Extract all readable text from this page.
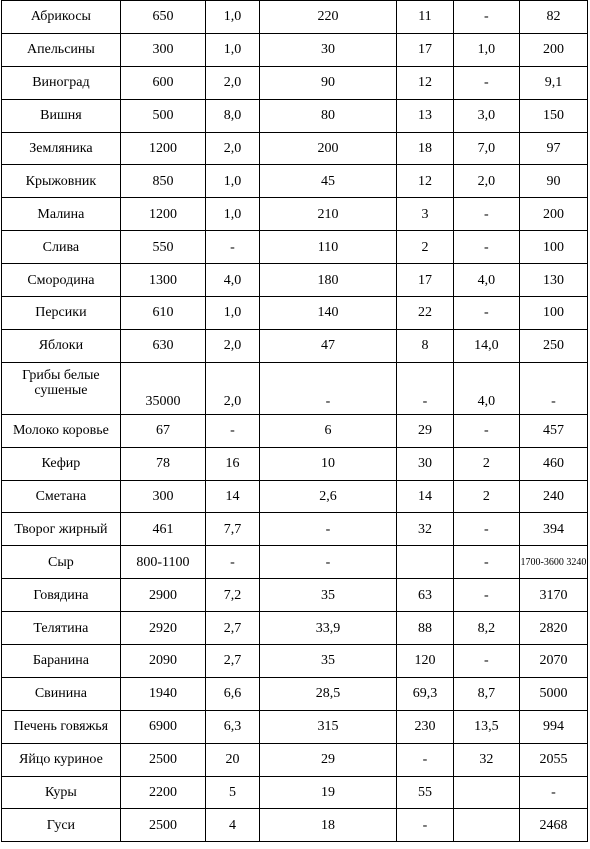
Абрикосы	650	1,0	220	11	-	82
Апельсины	300	1,0	30	17	1,0	200
Виноград	600	2,0	90	12	-	9,1
Вишня	500	8,0	80	13	3,0	150
Земляника	1200	2,0	200	18	7,0	97
Крыжовник	850	1,0	45	12	2,0	90
Малина	1200	1,0	210	3	-	200
Слива	550	-	110	2	-	100
Смородина	1300	4,0	180	17	4,0	130
Персики	610	1,0	140	22	-	100
Яблоки	630	2,0	47	8	14,0	250
Грибы белые сушеные	35000	2,0	-	-	4,0	-
Молоко коровье	67	-	6	29	-	457
Кефир	78	16	10	30	2	460
Сметана	300	14	2,6	14	2	240
Творог жирный	461	7,7	-	32	-	394
Сыр	800-1100	-	-		-	1700-3600 3240
Говядина	2900	7,2	35	63	-	3170
Телятина	2920	2,7	33,9	88	8,2	2820
Баранина	2090	2,7	35	120	-	2070
Свинина	1940	6,6	28,5	69,3	8,7	5000
Печень говяжья	6900	6,3	315	230	13,5	994
Яйцо куриное	2500	20	29	-	32	2055
Куры	2200	5	19	55		-
Гуси	2500	4	18	-		2468
